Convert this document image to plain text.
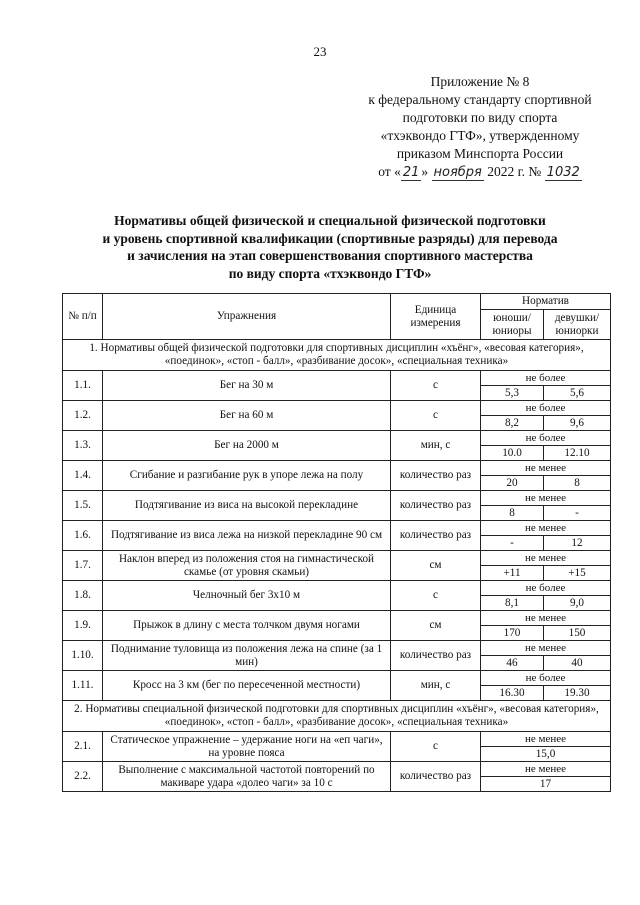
23
Приложение № 8
к федеральному стандарту спортивной
подготовки по виду спорта
«тхэквондо ГТФ», утвержденному
приказом Минспорта России
от « 21 » ноября 2022 г. № 1032
Нормативы общей физической и специальной физической подготовки
и уровень спортивной квалификации (спортивные разряды) для перевода
и зачисления на этап совершенствования спортивного мастерства
по виду спорта «тхэквондо ГТФ»
№ п/п	Упражнения	Единица измерения	Норматив	
			юноши/ юниоры	девушки/ юниорки
1. Нормативы общей физической подготовки для спортивных дисциплин «хъёнг», «весовая категория», «поединок», «стоп - балл», «разбивание досок», «специальная техника»				
1.1.	Бег на 30 м	с	не более	
			5,3	5,6
1.2.	Бег на 60 м	с	не более	
			8,2	9,6
1.3.	Бег на 2000 м	мин, с	не более	
			10.0	12.10
1.4.	Сгибание и разгибание рук в упоре лежа на полу	количество раз	не менее	
			20	8
1.5.	Подтягивание из виса на высокой перекладине	количество раз	не менее	
			8	-
1.6.	Подтягивание из виса лежа на низкой перекладине 90 см	количество раз	не менее	
			-	12
1.7.	Наклон вперед из положения стоя на гимнастической скамье (от уровня скамьи)	см	не менее	
			+11	+15
1.8.	Челночный бег 3х10 м	с	не более	
			8,1	9,0
1.9.	Прыжок в длину с места толчком двумя ногами	см	не менее	
			170	150
1.10.	Поднимание туловища из положения лежа на спине (за 1 мин)	количество раз	не менее	
			46	40
1.11.	Кросс на 3 км (бег по пересеченной местности)	мин, с	не более	
			16.30	19.30
2. Нормативы специальной физической подготовки для спортивных дисциплин «хъёнг», «весовая категория», «поединок», «стоп - балл», «разбивание досок», «специальная техника»				
2.1.	Статическое упражнение – удержание ноги на «еп чаги», на уровне пояса	с	не менее	
			15,0	
2.2.	Выполнение с максимальной частотой повторений по макиваре удара «долео чаги» за 10 с	количество раз	не менее	
			17	
